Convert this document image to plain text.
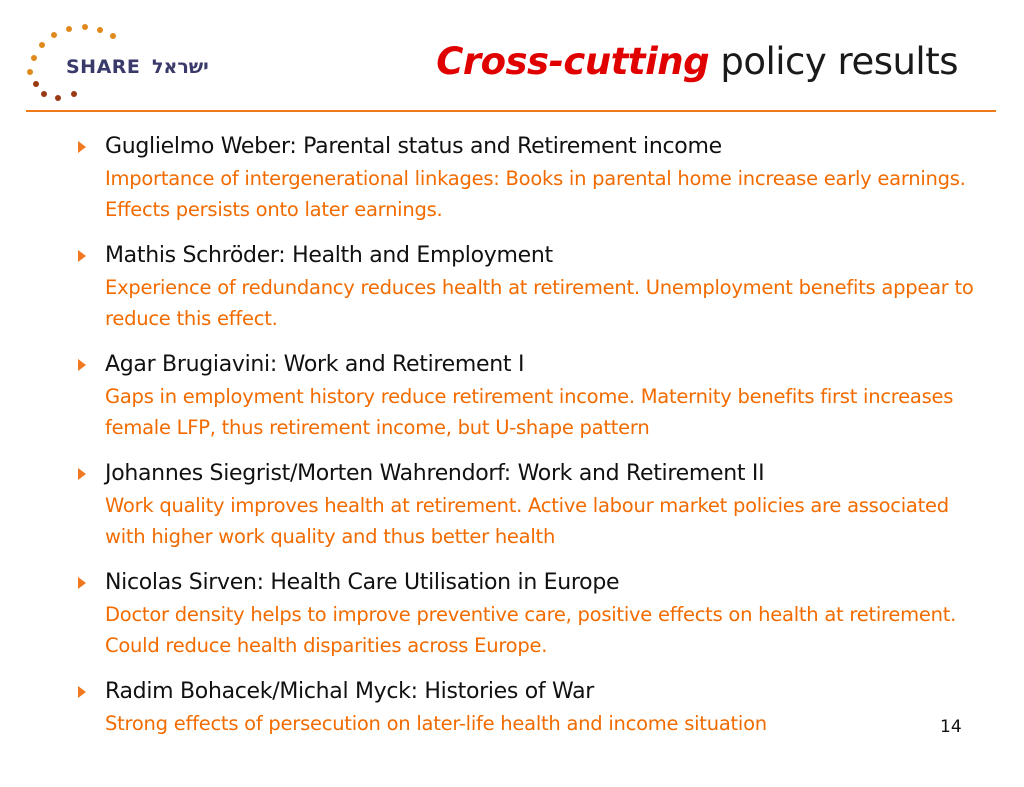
SHARE ישראל	Cross-cutting policy results
Guglielmo Weber: Parental status and Retirement income
Importance of intergenerational linkages: Books in parental home increase early earnings. Effects persists onto later earnings.
Mathis Schröder: Health and Employment
Experience of redundancy reduces health at retirement. Unemployment benefits appear to reduce this effect.
Agar Brugiavini: Work and Retirement I
Gaps in employment history reduce retirement income. Maternity benefits first increases female LFP, thus retirement income, but U-shape pattern
Johannes Siegrist/Morten Wahrendorf: Work and Retirement II
Work quality improves health at retirement. Active labour market policies are associated with higher work quality and thus better health
Nicolas Sirven: Health Care Utilisation in Europe
Doctor density helps to improve preventive care, positive effects on health at retirement. Could reduce health disparities across Europe.
Radim Bohacek/Michal Myck: Histories of War
Strong effects of persecution on later-life health and income situation	14
